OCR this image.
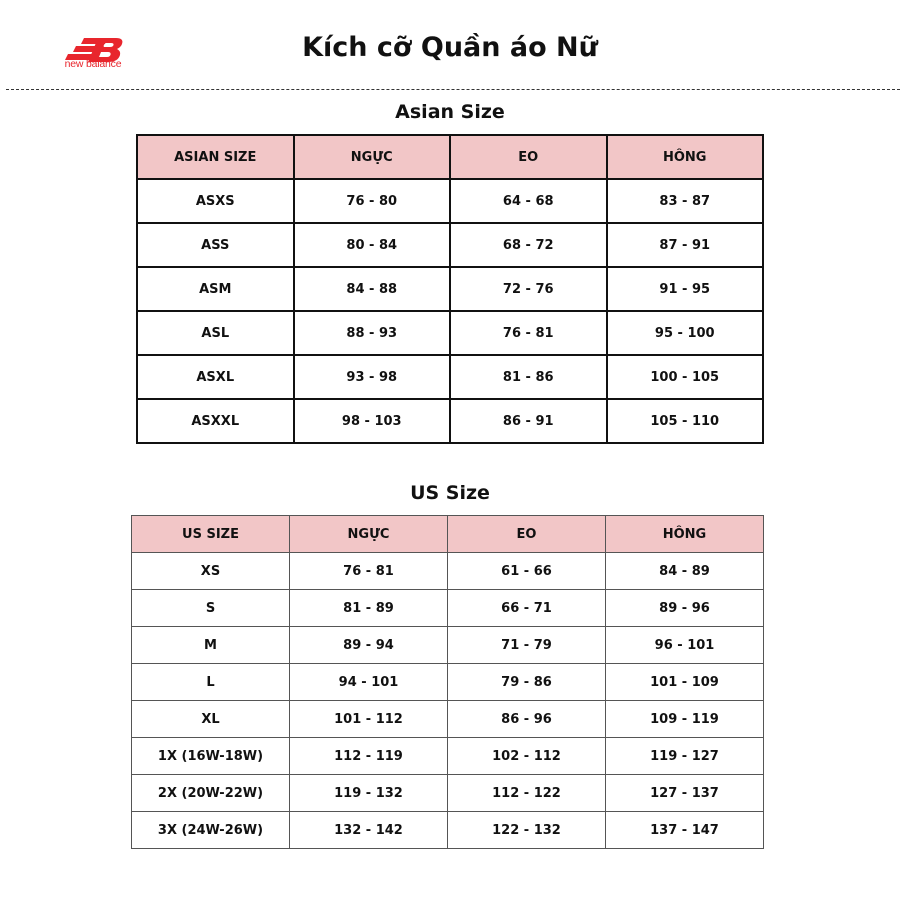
new balance
Kích cỡ Quần áo Nữ
Asian Size
ASIAN SIZE	NGỰC	EO	HÔNG
ASXS	76 - 80	64 - 68	83 - 87
ASS	80 - 84	68 - 72	87 - 91
ASM	84 - 88	72 - 76	91 - 95
ASL	88 - 93	76 - 81	95 - 100
ASXL	93 - 98	81 - 86	100 - 105
ASXXL	98 - 103	86 - 91	105 - 110
US Size
US SIZE	NGỰC	EO	HÔNG
XS	76 - 81	61 - 66	84 - 89
S	81 - 89	66 - 71	89 - 96
M	89 - 94	71 - 79	96 - 101
L	94 - 101	79 - 86	101 - 109
XL	101 - 112	86 - 96	109 - 119
1X (16W-18W)	112 - 119	102 - 112	119 - 127
2X (20W-22W)	119 - 132	112 - 122	127 - 137
3X (24W-26W)	132 - 142	122 - 132	137 - 147
